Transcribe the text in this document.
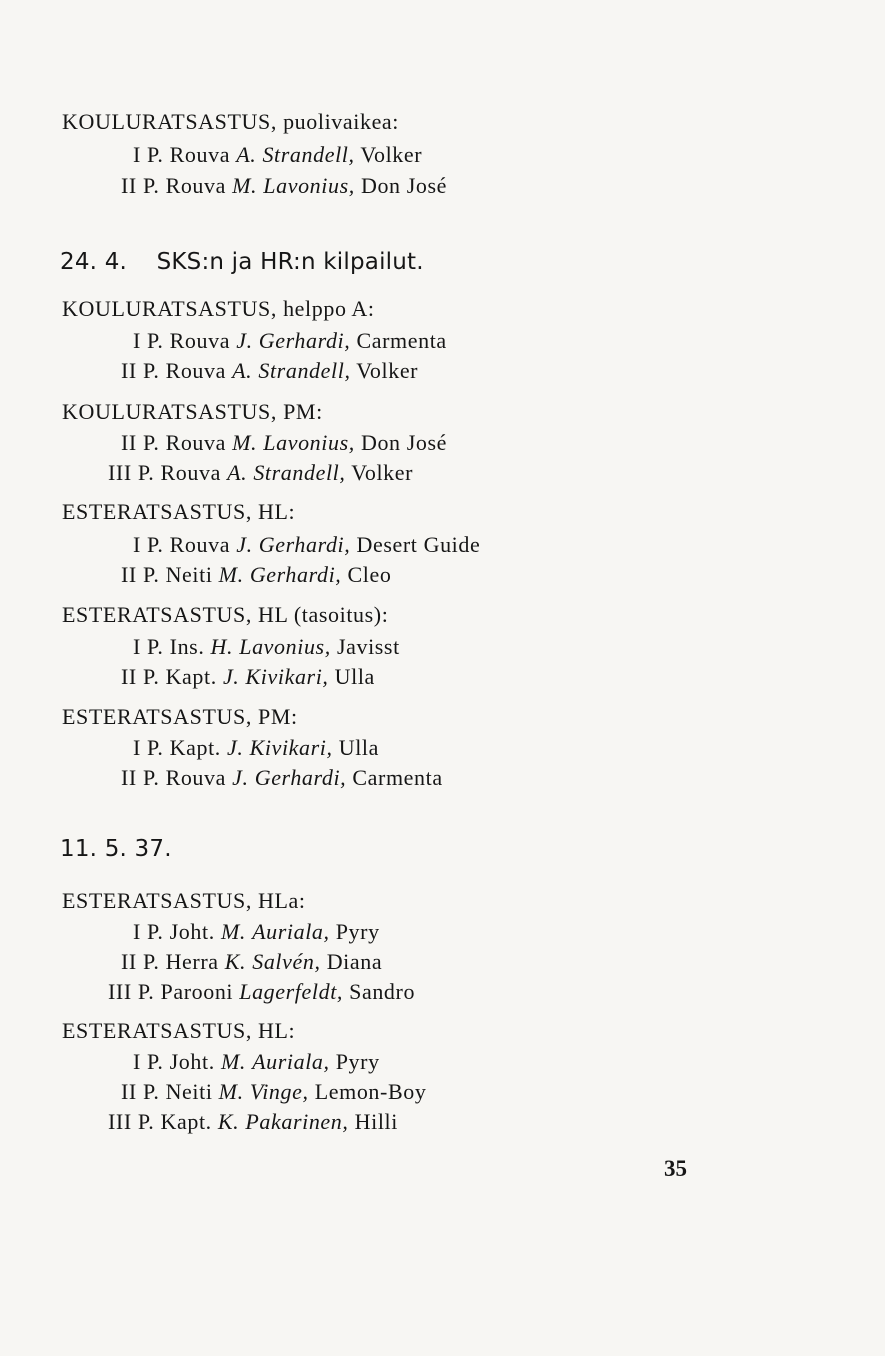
KOULURATSASTUS, puolivaikea:
I P. Rouva A. Strandell, Volker
II P. Rouva M. Lavonius, Don José
24. 4. SKS:n ja HR:n kilpailut.
KOULURATSASTUS, helppo A:
I P. Rouva J. Gerhardi, Carmenta
II P. Rouva A. Strandell, Volker
KOULURATSASTUS, PM:
II P. Rouva M. Lavonius, Don José
III P. Rouva A. Strandell, Volker
ESTERATSASTUS, HL:
I P. Rouva J. Gerhardi, Desert Guide
II P. Neiti M. Gerhardi, Cleo
ESTERATSASTUS, HL (tasoitus):
I P. Ins. H. Lavonius, Javisst
II P. Kapt. J. Kivikari, Ulla
ESTERATSASTUS, PM:
I P. Kapt. J. Kivikari, Ulla
II P. Rouva J. Gerhardi, Carmenta
11. 5. 37.
ESTERATSASTUS, HLa:
I P. Joht. M. Auriala, Pyry
II P. Herra K. Salvén, Diana
III P. Parooni Lagerfeldt, Sandro
ESTERATSASTUS, HL:
I P. Joht. M. Auriala, Pyry
II P. Neiti M. Vinge, Lemon-Boy
III P. Kapt. K. Pakarinen, Hilli
35
